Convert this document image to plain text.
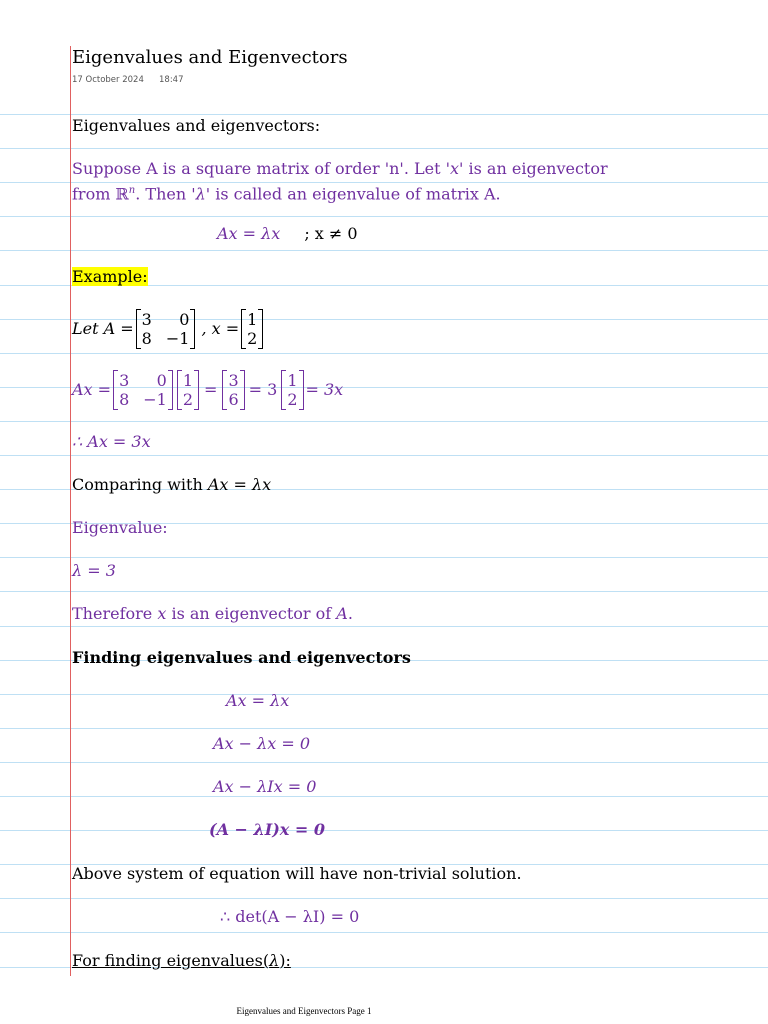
Eigenvalues and Eigenvectors
17 October 2024 18:47
Eigenvalues and eigenvectors:
Suppose A is a square matrix of order 'n'. Let 'x' is an eigenvector
from ℝ$^n$. Then 'λ' is called an eigenvalue of matrix A.
Ax = λx ; x ≠ 0
Example:
Let A = 3 0
8 −1
, x = 1
2
Ax = 3 0
8 −1
1
2
= 3
6
= 3 1
2
= 3x
∴ Ax = 3x
Comparing with Ax = λx
Eigenvalue:
λ = 3
Therefore x is an eigenvector of A.
Finding eigenvalues and eigenvectors
Ax = λx
Ax − λx = 0
Ax − λIx = 0
(A − λI)x = 0
Above system of equation will have non-trivial solution.
∴ det(A − λI) = 0
For finding eigenvalues(λ):
Eigenvalues and Eigenvectors Page 1
